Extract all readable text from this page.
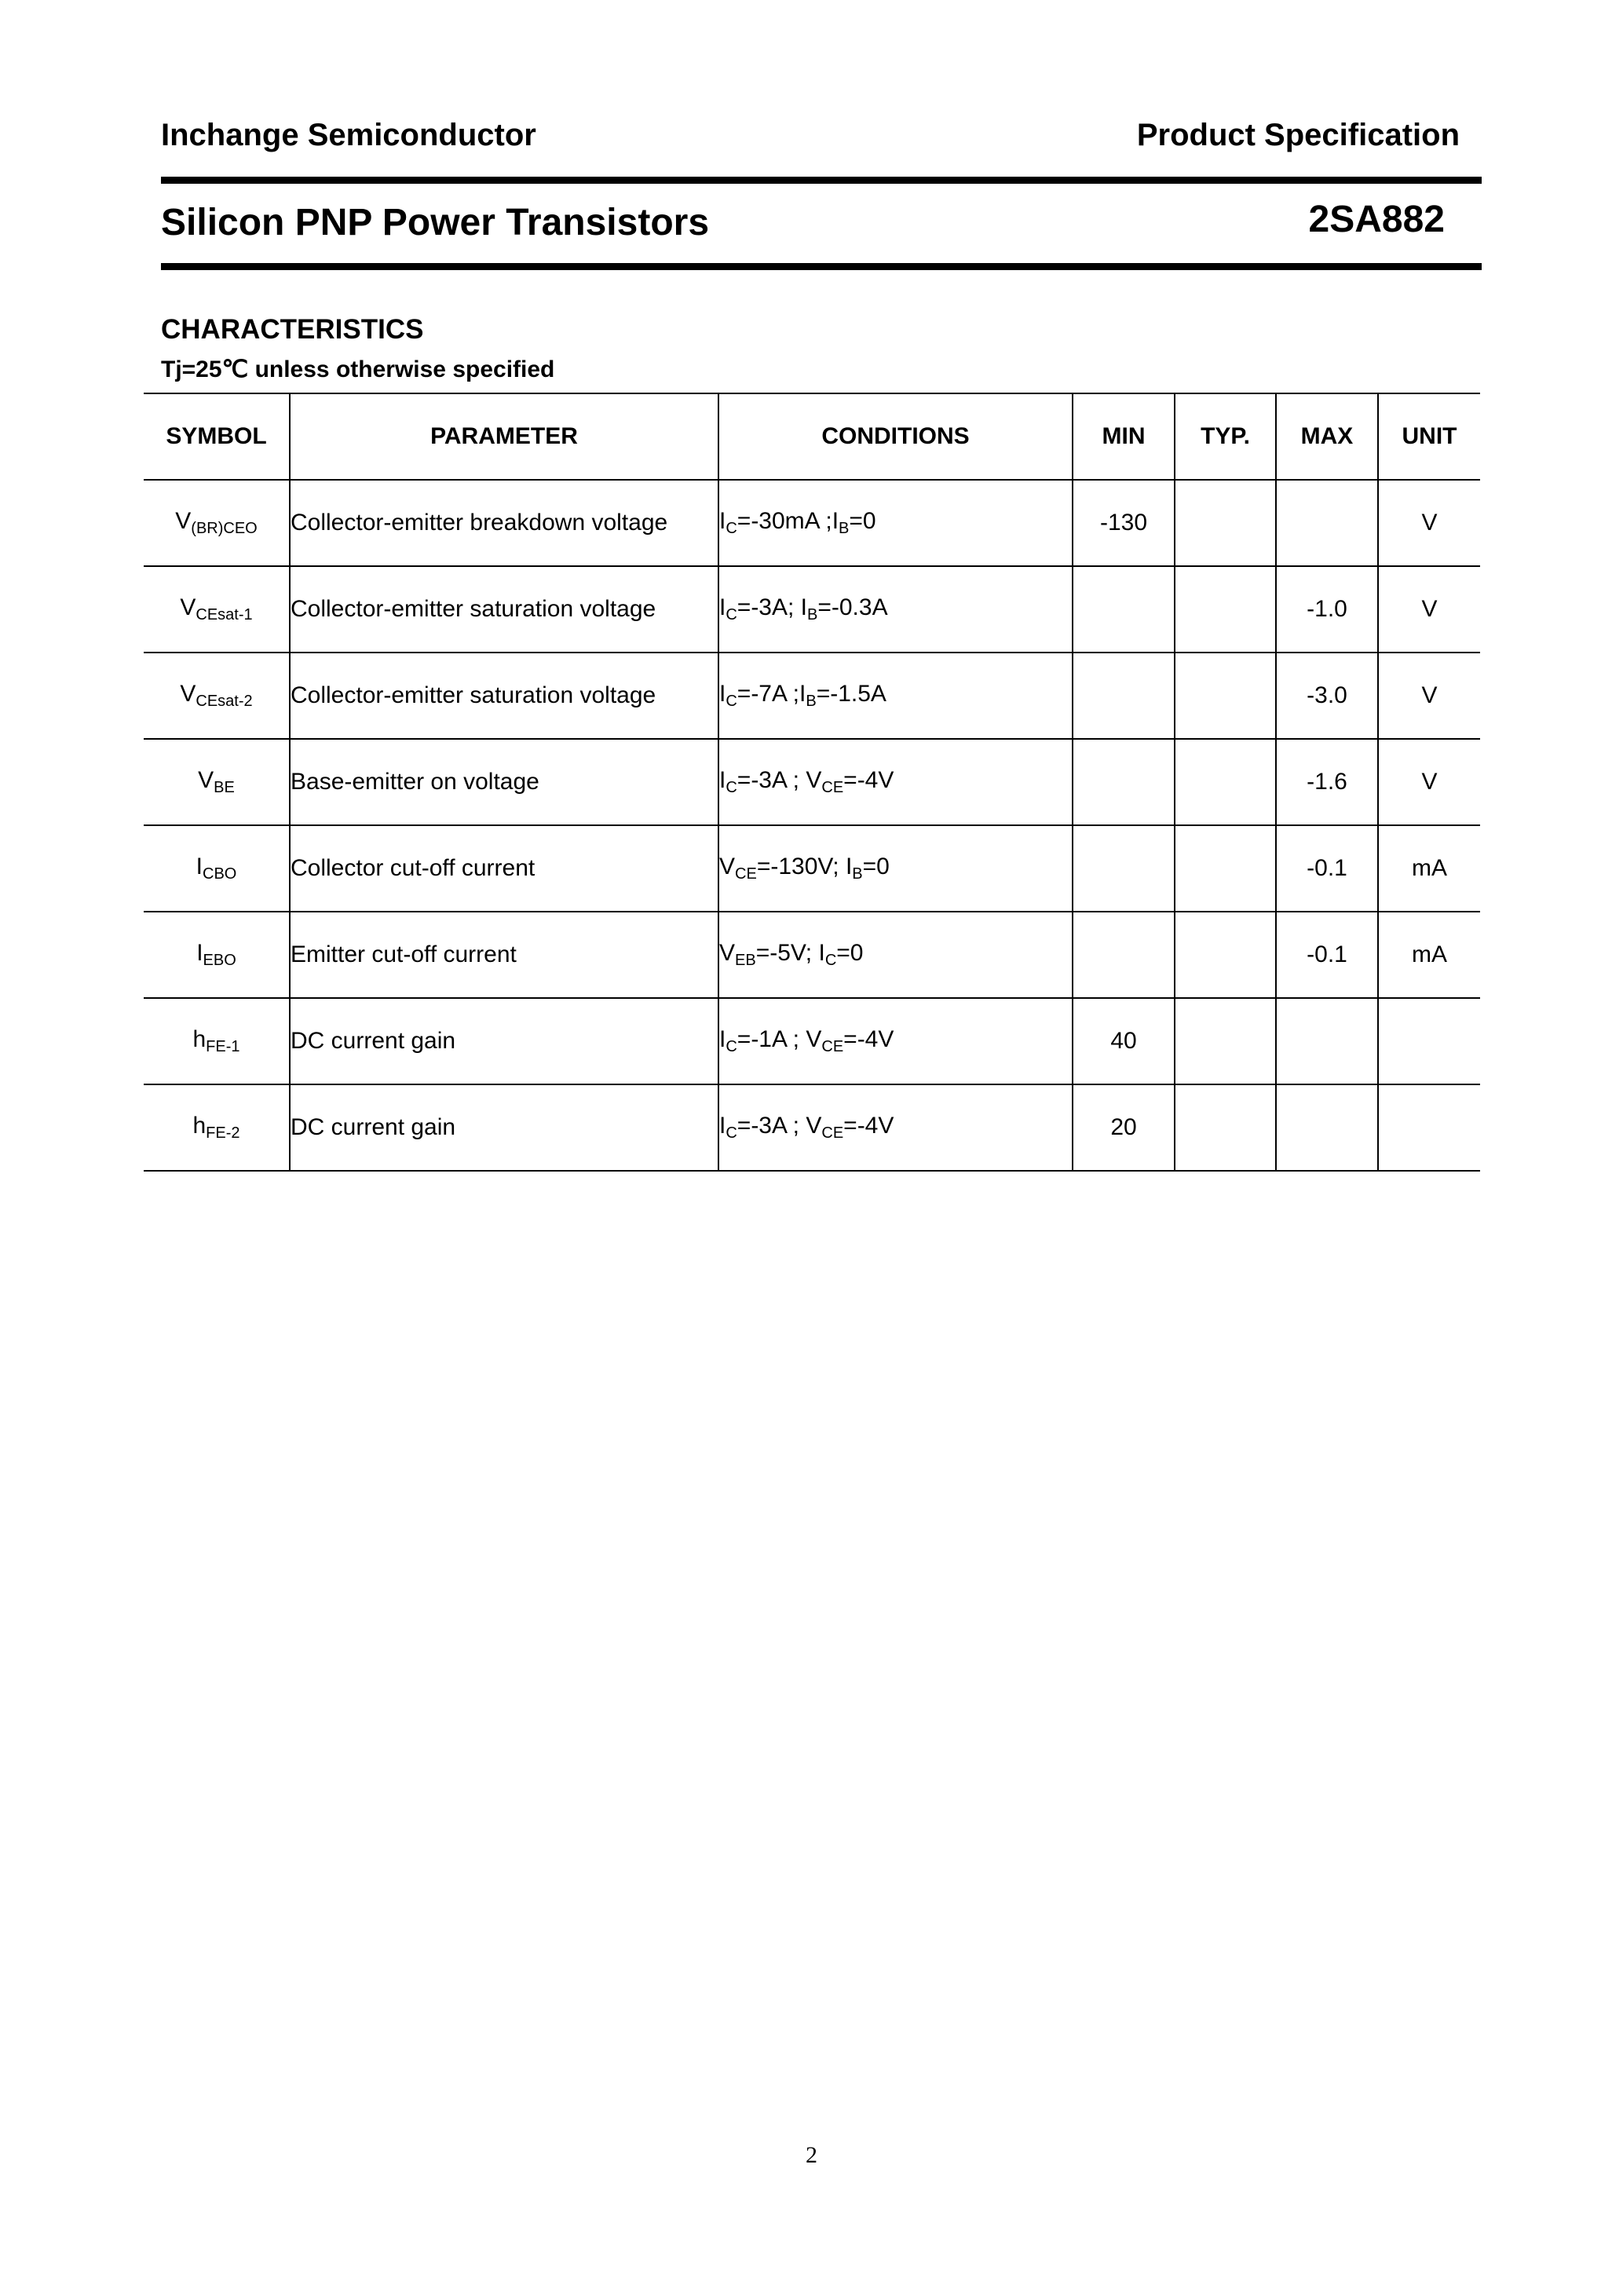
Inchange Semiconductor	Product Specification
Silicon PNP Power Transistors	2SA882
CHARACTERISTICS
Tj=25℃ unless otherwise specified
SYMBOL	PARAMETER	CONDITIONS	MIN	TYP.	MAX	UNIT
$V_{(BR)CEO}$	Collector-emitter breakdown voltage	$I_C=-30mA$ $;I_B=0$	-130			V
$V_{CEsat-1}$	Collector-emitter saturation voltage	$I_C=-3A$; $I_B=-0.3A$			-1.0	V
$V_{CEsat-2}$	Collector-emitter saturation voltage	$I_C=-7A$ $;I_B=-1.5A$			-3.0	V
$V_{BE}$	Base-emitter on voltage	$I_C=-3A$ ; $V_{CE}=-4V$			-1.6	V
$I_{CBO}$	Collector cut-off current	$V_{CE}=-130V$; $I_B=0$			-0.1	mA
$I_{EBO}$	Emitter cut-off current	$V_{EB}=-5V$; $I_C=0$			-0.1	mA
$h_{FE-1}$	DC current gain	$I_C=-1A$ ; $V_{CE}=-4V$	40			
$h_{FE-2}$	DC current gain	$I_C=-3A$ ; $V_{CE}=-4V$	20			
2
